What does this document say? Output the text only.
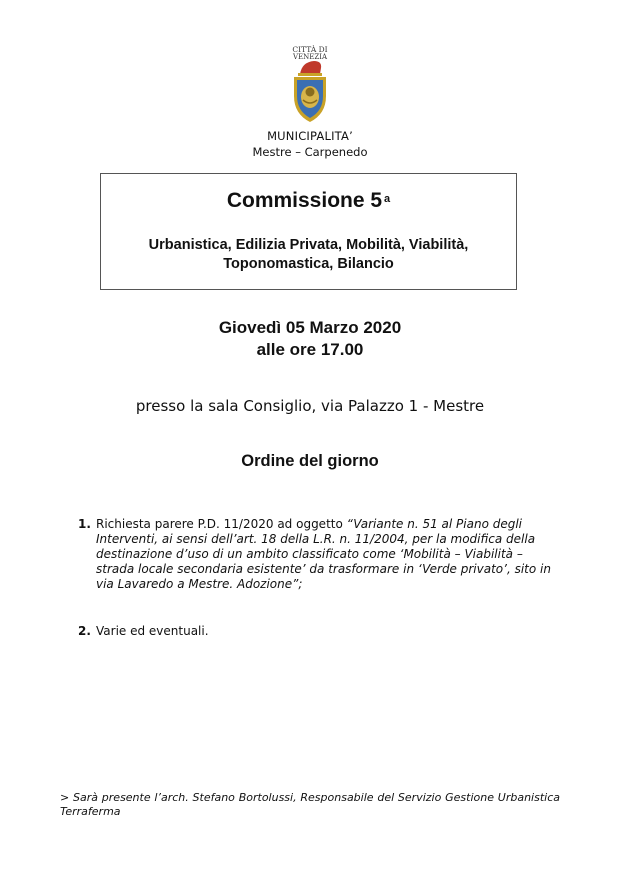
CITTÀ DI
VENEZIA
MUNICIPALITA’
Mestre – Carpenedo
Commissione 5 $^a$
Urbanistica, Edilizia Privata, Mobilità, Viabilità,
Toponomastica, Bilancio
Giovedì 05 Marzo 2020
alle ore 17.00
presso la sala Consiglio, via Palazzo 1 - Mestre
Ordine del giorno
1. Richiesta parere P.D. 11/2020 ad oggetto “Variante n. 51 al Piano degli Interventi, ai sensi dell’art. 18 della L.R. n. 11/2004, per la modifica della destinazione d’uso di un ambito classificato come ‘Mobilità – Viabilità – strada locale secondaria esistente’ da trasformare in ‘Verde privato’, sito in via Lavaredo a Mestre. Adozione”;
2. Varie ed eventuali.
> Sarà presente l’arch. Stefano Bortolussi, Responsabile del Servizio Gestione Urbanistica Terraferma
